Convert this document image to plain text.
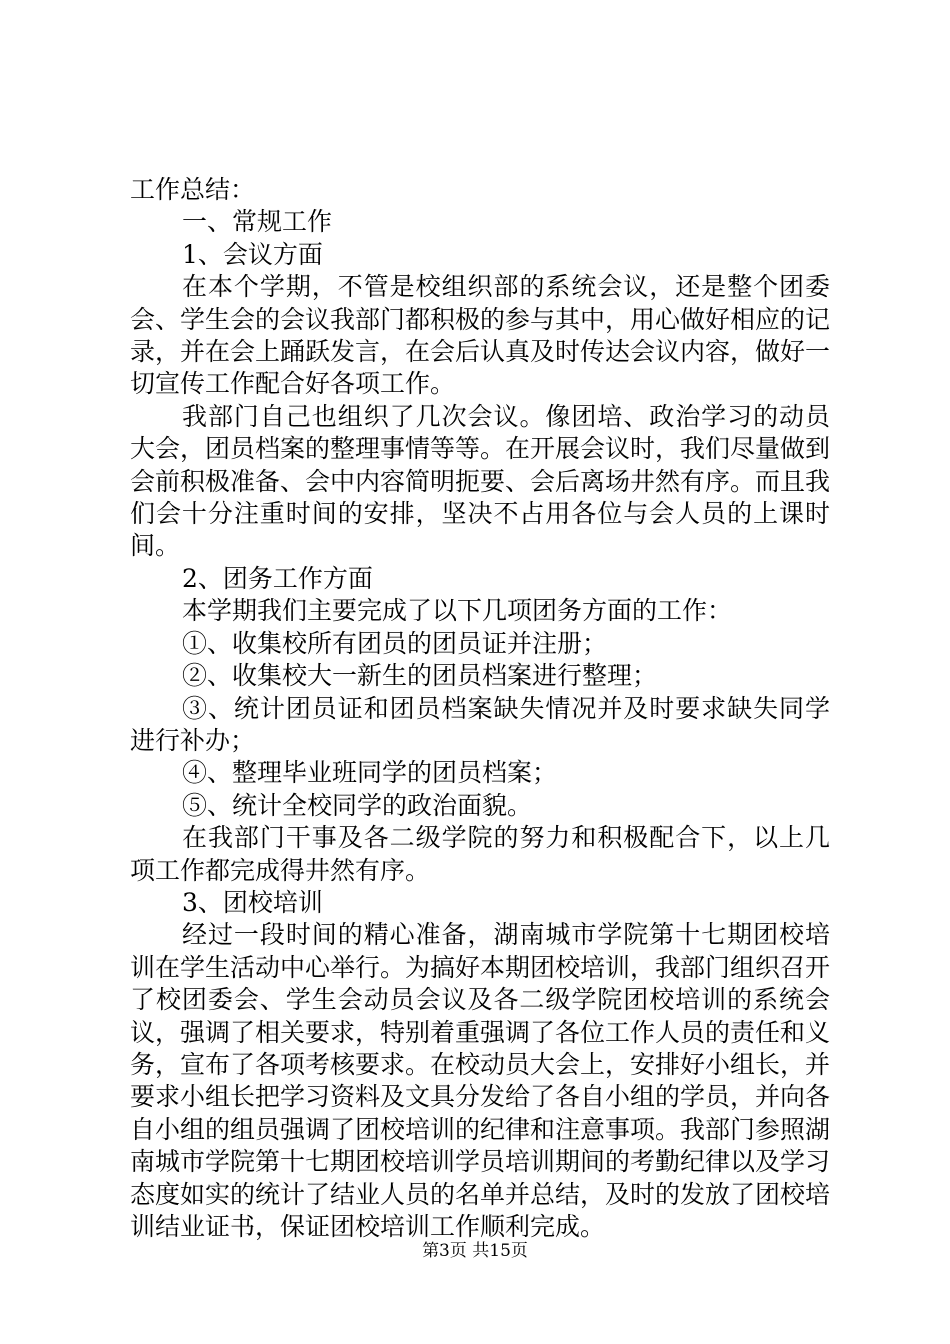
工作总结：

一、常规工作

1、会议方面

在本个学期，不管是校组织部的系统会议，还是整个团委会、学生会的会议我部门都积极的参与其中，用心做好相应的记录，并在会上踊跃发言，在会后认真及时传达会议内容，做好一切宣传工作配合好各项工作。

我部门自己也组织了几次会议。像团培、政治学习的动员大会，团员档案的整理事情等等。在开展会议时，我们尽量做到会前积极准备、会中内容简明扼要、会后离场井然有序。而且我们会十分注重时间的安排，坚决不占用各位与会人员的上课时间。

2、团务工作方面

本学期我们主要完成了以下几项团务方面的工作：

①、收集校所有团员的团员证并注册；

②、收集校大一新生的团员档案进行整理；

③、统计团员证和团员档案缺失情况并及时要求缺失同学进行补办；

④、整理毕业班同学的团员档案；

⑤、统计全校同学的政治面貌。

在我部门干事及各二级学院的努力和积极配合下，以上几项工作都完成得井然有序。

3、团校培训

经过一段时间的精心准备，湖南城市学院第十七期团校培训在学生活动中心举行。为搞好本期团校培训，我部门组织召开了校团委会、学生会动员会议及各二级学院团校培训的系统会议，强调了相关要求，特别着重强调了各位工作人员的责任和义务，宣布了各项考核要求。在校动员大会上，安排好小组长，并要求小组长把学习资料及文具分发给了各自小组的学员，并向各自小组的组员强调了团校培训的纪律和注意事项。我部门参照湖南城市学院第十七期团校培训学员培训期间的考勤纪律以及学习态度如实的统计了结业人员的名单并总结，及时的发放了团校培训结业证书，保证团校培训工作顺利完成。

第3页 共15页
